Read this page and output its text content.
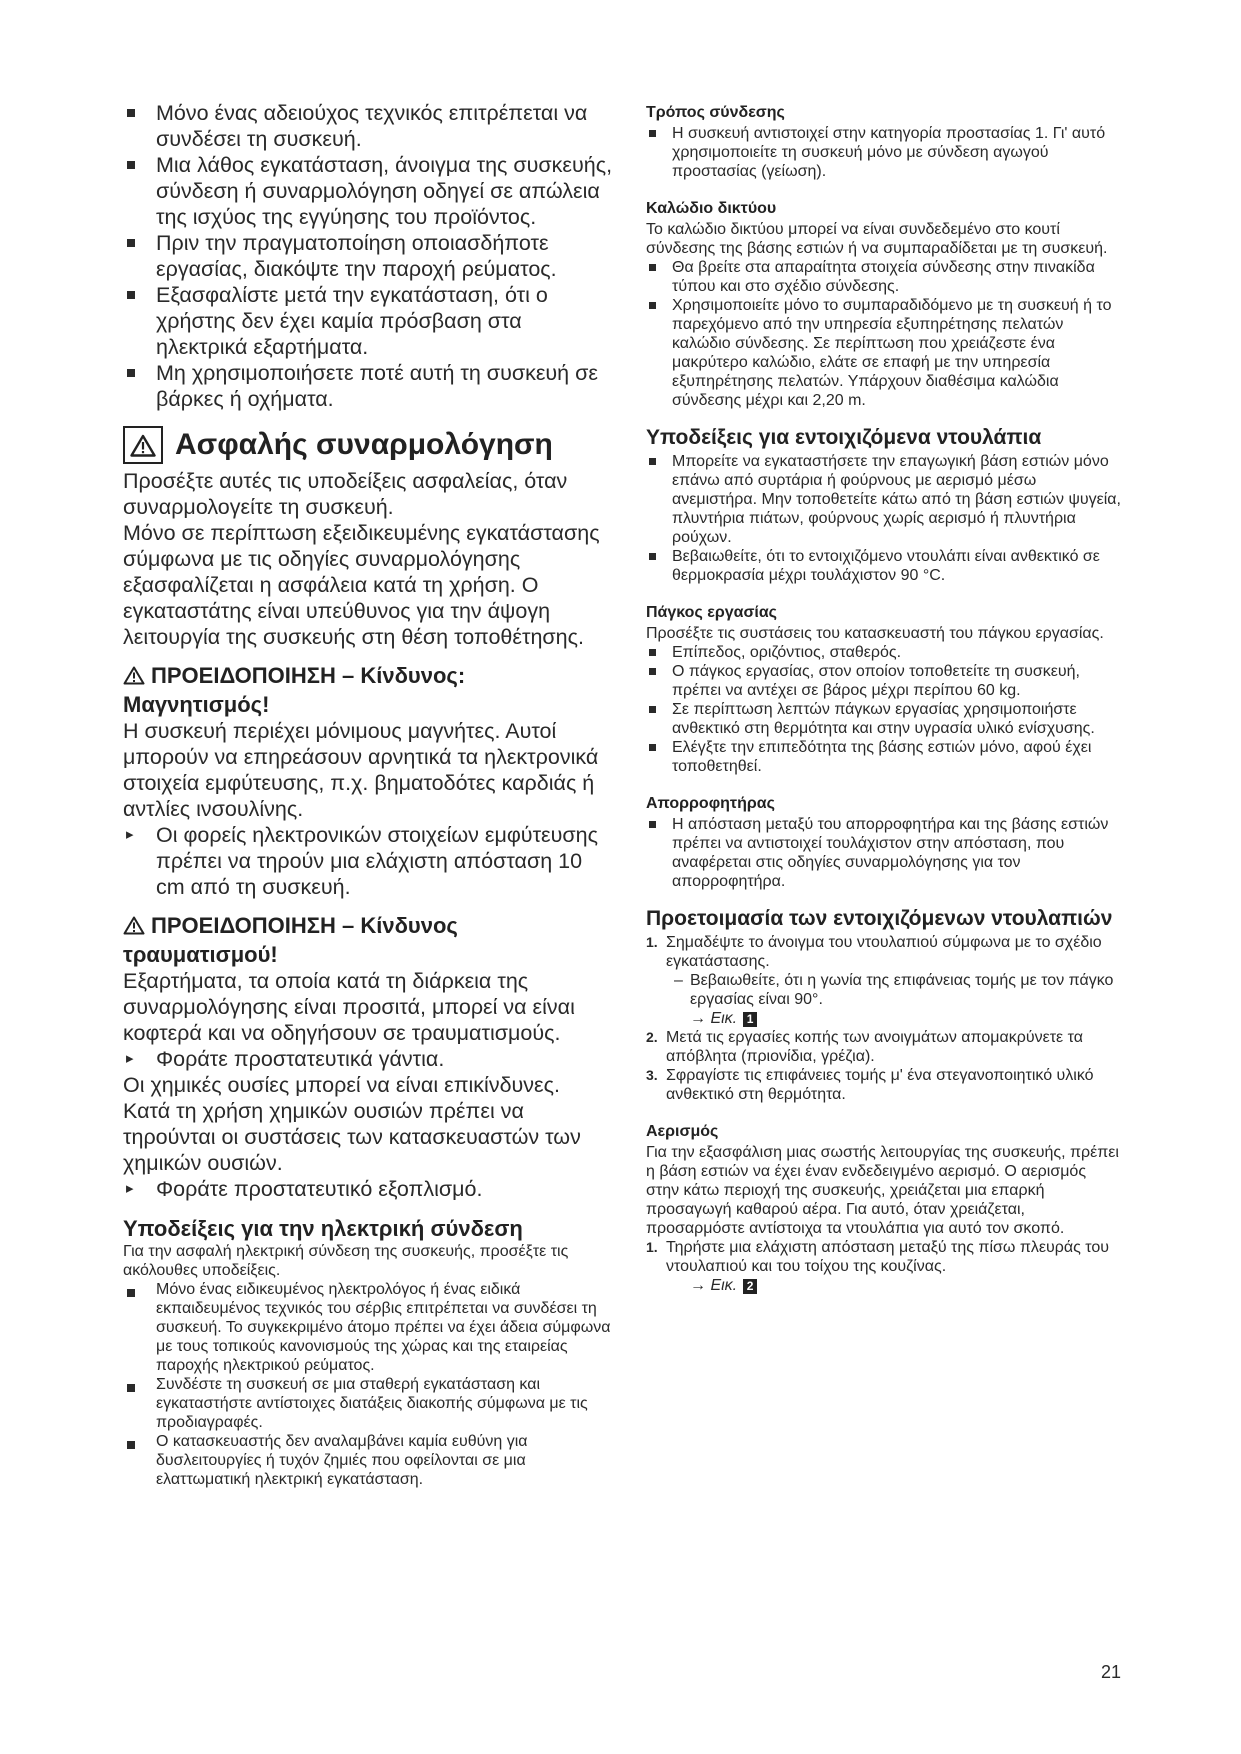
Μόνο ένας αδειούχος τεχνικός επιτρέπεται να συνδέσει τη συσκευή.
Μια λάθος εγκατάσταση, άνοιγμα της συσκευής, σύνδεση ή συναρμολόγηση οδηγεί σε απώλεια της ισχύος της εγγύησης του προϊόντος.
Πριν την πραγματοποίηση οποιασδήποτε εργασίας, διακόψτε την παροχή ρεύματος.
Εξασφαλίστε μετά την εγκατάσταση, ότι ο χρήστης δεν έχει καμία πρόσβαση στα ηλεκτρικά εξαρτήματα.
Μη χρησιμοποιήσετε ποτέ αυτή τη συσκευή σε βάρκες ή οχήματα.
Ασφαλής συναρμολόγηση

Προσέξτε αυτές τις υποδείξεις ασφαλείας, όταν συναρμολογείτε τη συσκευή.

Μόνο σε περίπτωση εξειδικευμένης εγκατάστασης σύμφωνα με τις οδηγίες συναρμολόγησης εξασφαλίζεται η ασφάλεια κατά τη χρήση. Ο εγκαταστάτης είναι υπεύθυνος για την άψογη λειτουργία της συσκευής στη θέση τοποθέτησης.

ΠΡΟΕΙΔΟΠΟΙΗΣΗ – Κίνδυνος: Μαγνητισμός!

Η συσκευή περιέχει μόνιμους μαγνήτες. Αυτοί μπορούν να επηρεάσουν αρνητικά τα ηλεκτρονικά στοιχεία εμφύτευσης, π.χ. βηματοδότες καρδιάς ή αντλίες ινσουλίνης.

▸ Οι φορείς ηλεκτρονικών στοιχείων εμφύτευσης πρέπει να τηρούν μια ελάχιστη απόσταση 10 cm από τη συσκευή.
ΠΡΟΕΙΔΟΠΟΙΗΣΗ – Κίνδυνος τραυματισμού!

Εξαρτήματα, τα οποία κατά τη διάρκεια της συναρμολόγησης είναι προσιτά, μπορεί να είναι κοφτερά και να οδηγήσουν σε τραυματισμούς.

▸ Φοράτε προστατευτικά γάντια.

Οι χημικές ουσίες μπορεί να είναι επικίνδυνες. Κατά τη χρήση χημικών ουσιών πρέπει να τηρούνται οι συστάσεις των κατασκευαστών των χημικών ουσιών.

▸ Φοράτε προστατευτικό εξοπλισμό.
Υποδείξεις για την ηλεκτρική σύνδεση

Για την ασφαλή ηλεκτρική σύνδεση της συσκευής, προσέξτε τις ακόλουθες υποδείξεις.

Μόνο ένας ειδικευμένος ηλεκτρολόγος ή ένας ειδικά εκπαιδευμένος τεχνικός του σέρβις επιτρέπεται να συνδέσει τη συσκευή. Το συγκεκριμένο άτομο πρέπει να έχει άδεια σύμφωνα με τους τοπικούς κανονισμούς της χώρας και της εταιρείας παροχής ηλεκτρικού ρεύματος.
Συνδέστε τη συσκευή σε μια σταθερή εγκατάσταση και εγκαταστήστε αντίστοιχες διατάξεις διακοπής σύμφωνα με τις προδιαγραφές.
Ο κατασκευαστής δεν αναλαμβάνει καμία ευθύνη για δυσλειτουργίες ή τυχόν ζημιές που οφείλονται σε μια ελαττωματική ηλεκτρική εγκατάσταση.
Τρόπος σύνδεσης
Η συσκευή αντιστοιχεί στην κατηγορία προστασίας 1. Γι' αυτό χρησιμοποιείτε τη συσκευή μόνο με σύνδεση αγωγού προστασίας (γείωση).
Καλώδιο δικτύου

Το καλώδιο δικτύου μπορεί να είναι συνδεδεμένο στο κουτί σύνδεσης της βάσης εστιών ή να συμπαραδίδεται με τη συσκευή.

Θα βρείτε στα απαραίτητα στοιχεία σύνδεσης στην πινακίδα τύπου και στο σχέδιο σύνδεσης.
Χρησιμοποιείτε μόνο το συμπαραδιδόμενο με τη συσκευή ή το παρεχόμενο από την υπηρεσία εξυπηρέτησης πελατών καλώδιο σύνδεσης. Σε περίπτωση που χρειάζεστε ένα μακρύτερο καλώδιο, ελάτε σε επαφή με την υπηρεσία εξυπηρέτησης πελατών. Υπάρχουν διαθέσιμα καλώδια σύνδεσης μέχρι και 2,20 m.
Υποδείξεις για εντοιχιζόμενα ντουλάπια
Μπορείτε να εγκαταστήσετε την επαγωγική βάση εστιών μόνο επάνω από συρτάρια ή φούρνους με αερισμό μέσω ανεμιστήρα. Μην τοποθετείτε κάτω από τη βάση εστιών ψυγεία, πλυντήρια πιάτων, φούρνους χωρίς αερισμό ή πλυντήρια ρούχων.
Βεβαιωθείτε, ότι το εντοιχιζόμενο ντουλάπι είναι ανθεκτικό σε θερμοκρασία μέχρι τουλάχιστον 90 °C.
Πάγκος εργασίας

Προσέξτε τις συστάσεις του κατασκευαστή του πάγκου εργασίας.

Επίπεδος, οριζόντιος, σταθερός.
Ο πάγκος εργασίας, στον οποίον τοποθετείτε τη συσκευή, πρέπει να αντέχει σε βάρος μέχρι περίπου 60 kg.
Σε περίπτωση λεπτών πάγκων εργασίας χρησιμοποιήστε ανθεκτικό στη θερμότητα και στην υγρασία υλικό ενίσχυσης.
Ελέγξτε την επιπεδότητα της βάσης εστιών μόνο, αφού έχει τοποθετηθεί.
Απορροφητήρας
Η απόσταση μεταξύ του απορροφητήρα και της βάσης εστιών πρέπει να αντιστοιχεί τουλάχιστον στην απόσταση, που αναφέρεται στις οδηγίες συναρμολόγησης για τον απορροφητήρα.
Προετοιμασία των εντοιχιζόμενων ντουλαπιών
1. Σημαδέψτε το άνοιγμα του ντουλαπιού σύμφωνα με το σχέδιο εγκατάστασης.
– Βεβαιωθείτε, ότι η γωνία της επιφάνειας τομής με τον πάγκο εργασίας είναι 90°.
→ Εικ. 1
2. Μετά τις εργασίες κοπής των ανοιγμάτων απομακρύνετε τα απόβλητα (πριονίδια, γρέζια).
3. Σφραγίστε τις επιφάνειες τομής μ' ένα στεγανοποιητικό υλικό ανθεκτικό στη θερμότητα.
Αερισμός

Για την εξασφάλιση μιας σωστής λειτουργίας της συσκευής, πρέπει η βάση εστιών να έχει έναν ενδεδειγμένο αερισμό. Ο αερισμός στην κάτω περιοχή της συσκευής, χρειάζεται μια επαρκή προσαγωγή καθαρού αέρα. Για αυτό, όταν χρειάζεται, προσαρμόστε αντίστοιχα τα ντουλάπια για αυτό τον σκοπό.

1. Τηρήστε μια ελάχιστη απόσταση μεταξύ της πίσω πλευράς του ντουλαπιού και του τοίχου της κουζίνας.
→ Εικ. 2
21
